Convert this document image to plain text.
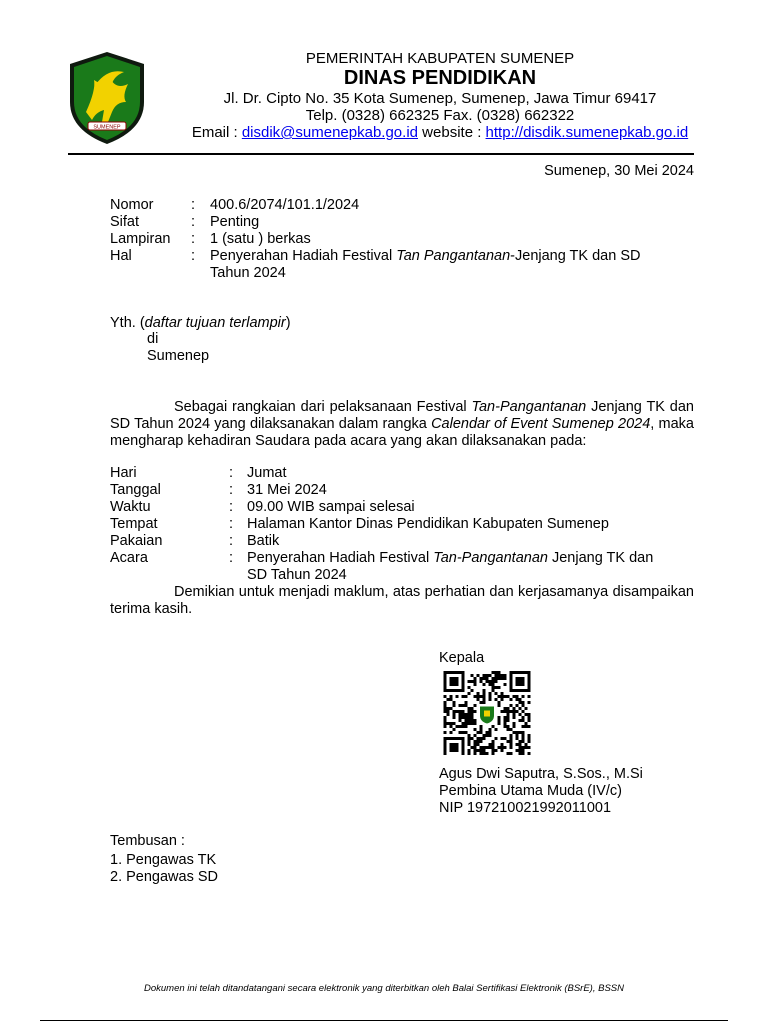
SUMENEP
PEMERINTAH KABUPATEN SUMENEP
DINAS PENDIDIKAN
Jl. Dr. Cipto No. 35 Kota Sumenep, Sumenep, Jawa Timur 69417
Telp. (0328) 662325 Fax. (0328) 662322
Email : disdik@sumenepkab.go.id website : http://disdik.sumenepkab.go.id
Sumenep, 30 Mei 2024
Nomor	: 400.6/2074/101.1/2024
Sifat	: Penting
Lampiran : 1 (satu ) berkas
Hal	: Penyerahan Hadiah Festival Tan Pangantanan-Jenjang TK dan SD
Tahun 2024
Yth. (daftar tujuan terlampir)
di
Sumenep
Sebagai rangkaian dari pelaksanaan Festival Tan-Pangantanan Jenjang TK dan SD Tahun 2024 yang dilaksanakan dalam rangka Calendar of Event Sumenep 2024, maka mengharap kehadiran Saudara pada acara yang akan dilaksanakan pada:
Hari	: Jumat
Tanggal	: 31 Mei 2024
Waktu	: 09.00 WIB sampai selesai
Tempat	: Halaman Kantor Dinas Pendidikan Kabupaten Sumenep
Pakaian	: Batik
Acara	: Penyerahan Hadiah Festival Tan-Pangantanan Jenjang TK dan
SD Tahun 2024
Demikian untuk menjadi maklum, atas perhatian dan kerjasamanya disampaikan terima kasih.
Kepala
Agus Dwi Saputra, S.Sos., M.Si
Pembina Utama Muda (IV/c)
NIP 197210021992011001
Tembusan :
1. Pengawas TK
2. Pengawas SD
Dokumen ini telah ditandatangani secara elektronik yang diterbitkan oleh Balai Sertifikasi Elektronik (BSrE), BSSN
